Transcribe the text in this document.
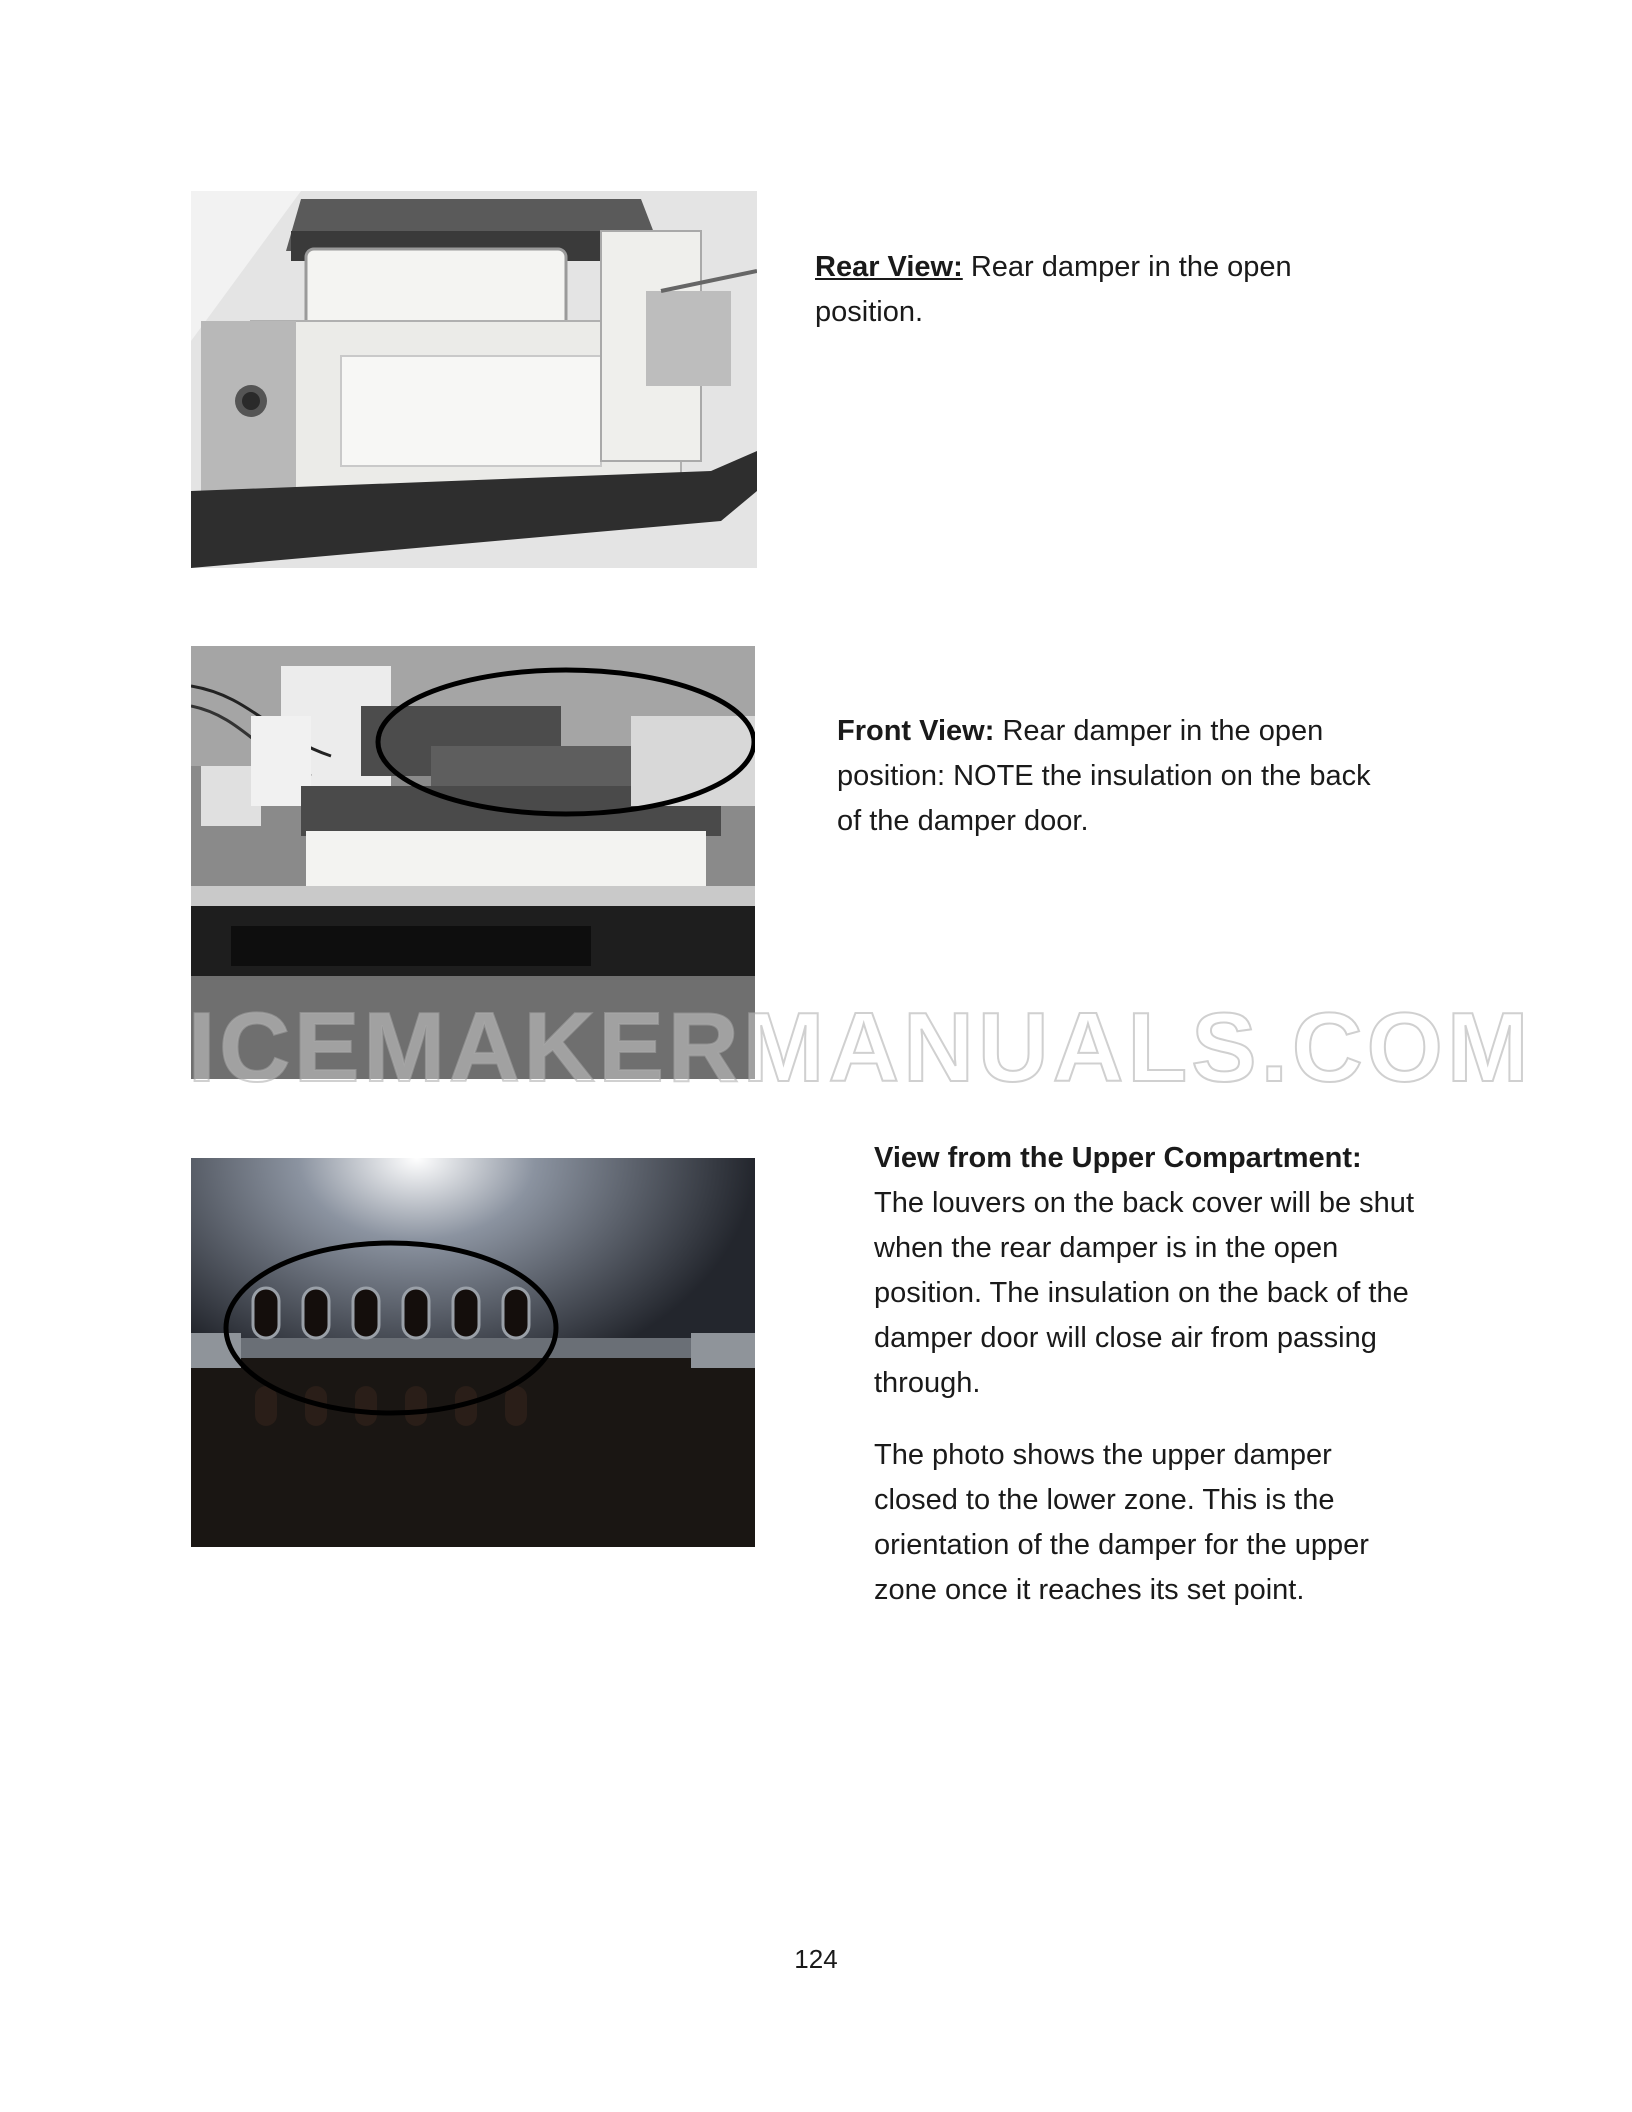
Rear View: Rear damper in the open position.

Front View: Rear damper in the open position: NOTE the insulation on the back of the damper door.

View from the Upper Compartment: The louvers on the back cover will be shut when the rear damper is in the open position. The insulation on the back of the damper door will close air from passing through.

The photo shows the upper damper closed to the lower zone. This is the orientation of the damper for the upper zone once it reaches its set point.

ICEMAKERMANUALS.COM
124
